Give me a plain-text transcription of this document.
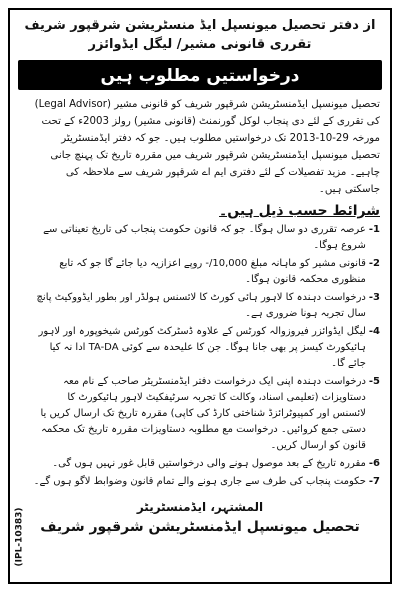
از دفتر تحصیل میونسپل ایڈ منسٹریشن شرقپور شریف
تقرری قانونی مشیر/ لیگل ایڈوائزر
درخواستیں مطلوب ہیں
تحصیل میونسپل ایڈمنسٹریشن شرقپور شریف کو قانونی مشیر (Legal Advisor) کی تقرری کے لئے دی پنجاب لوکل گورنمنٹ (قانونی مشیر) رولز 2003ء کے تحت مورخہ 29-10-2013 تک درخواستیں مطلوب ہیں۔ جو کہ دفتر ایڈمنسٹریٹر تحصیل میونسپل ایڈمنسٹریشن شرقپور شریف میں مقررہ تاریخ تک پہنچ جانی چاہیے۔ مزید تفصیلات کے لئے دفتری ایم اے شرقپور شریف سے ملاحظہ کی جاسکتی ہیں۔
شرائط حسب ذیل ہیں۔
-1
عرصہ تقرری دو سال ہوگا۔ جو کہ قانون حکومت پنجاب کی تاریخ تعیناتی سے شروع ہوگا۔
-2
قانونی مشیر کو ماہانہ مبلغ 10,000/- روپے اعزازیہ دیا جائے گا جو کہ تابع منظوری محکمہ قانون ہوگا۔
-3
درخواست دہندہ کا لاہور ہائی کورٹ کا لائسنس ہولڈر اور بطور ایڈووکیٹ پانچ سال تجربہ ہونا ضروری ہے۔
-4
لیگل ایڈوائزر فیروزوالہ کورٹس کے علاوہ ڈسٹرکٹ کورٹس شیخوپورہ اور لاہور ہائیکورٹ کیسز پر بھی جانا ہوگا۔ جن کا علیحدہ سے کوئی TA-DA ادا نہ کیا جائے گا۔
-5
درخواست دہندہ اپنی ایک درخواست دفتر ایڈمنسٹریٹر صاحب کے نام معہ دستاویزات (تعلیمی اسناد، وکالت کا تجربہ سرٹیفکیٹ لاہور ہائیکورٹ کا لائسنس اور کمپیوٹرائزڈ شناختی کارڈ کی کاپی) مقررہ تاریخ تک ارسال کریں یا دستی جمع کروائیں۔ درخواست مع مطلوبہ دستاویزات مقررہ تاریخ تک محکمہ قانون کو ارسال کریں۔
-6
مقررہ تاریخ کے بعد موصول ہونے والی درخواستیں قابل غور نہیں ہوں گی۔
-7
حکومت پنجاب کی طرف سے جاری ہونے والے تمام قانون وضوابط لاگو ہوں گے۔
المشتہر، ایڈمنسٹریٹر
تحصیل میونسپل ایڈمنسٹریشن شرقپور شریف
(IPL-10383)
